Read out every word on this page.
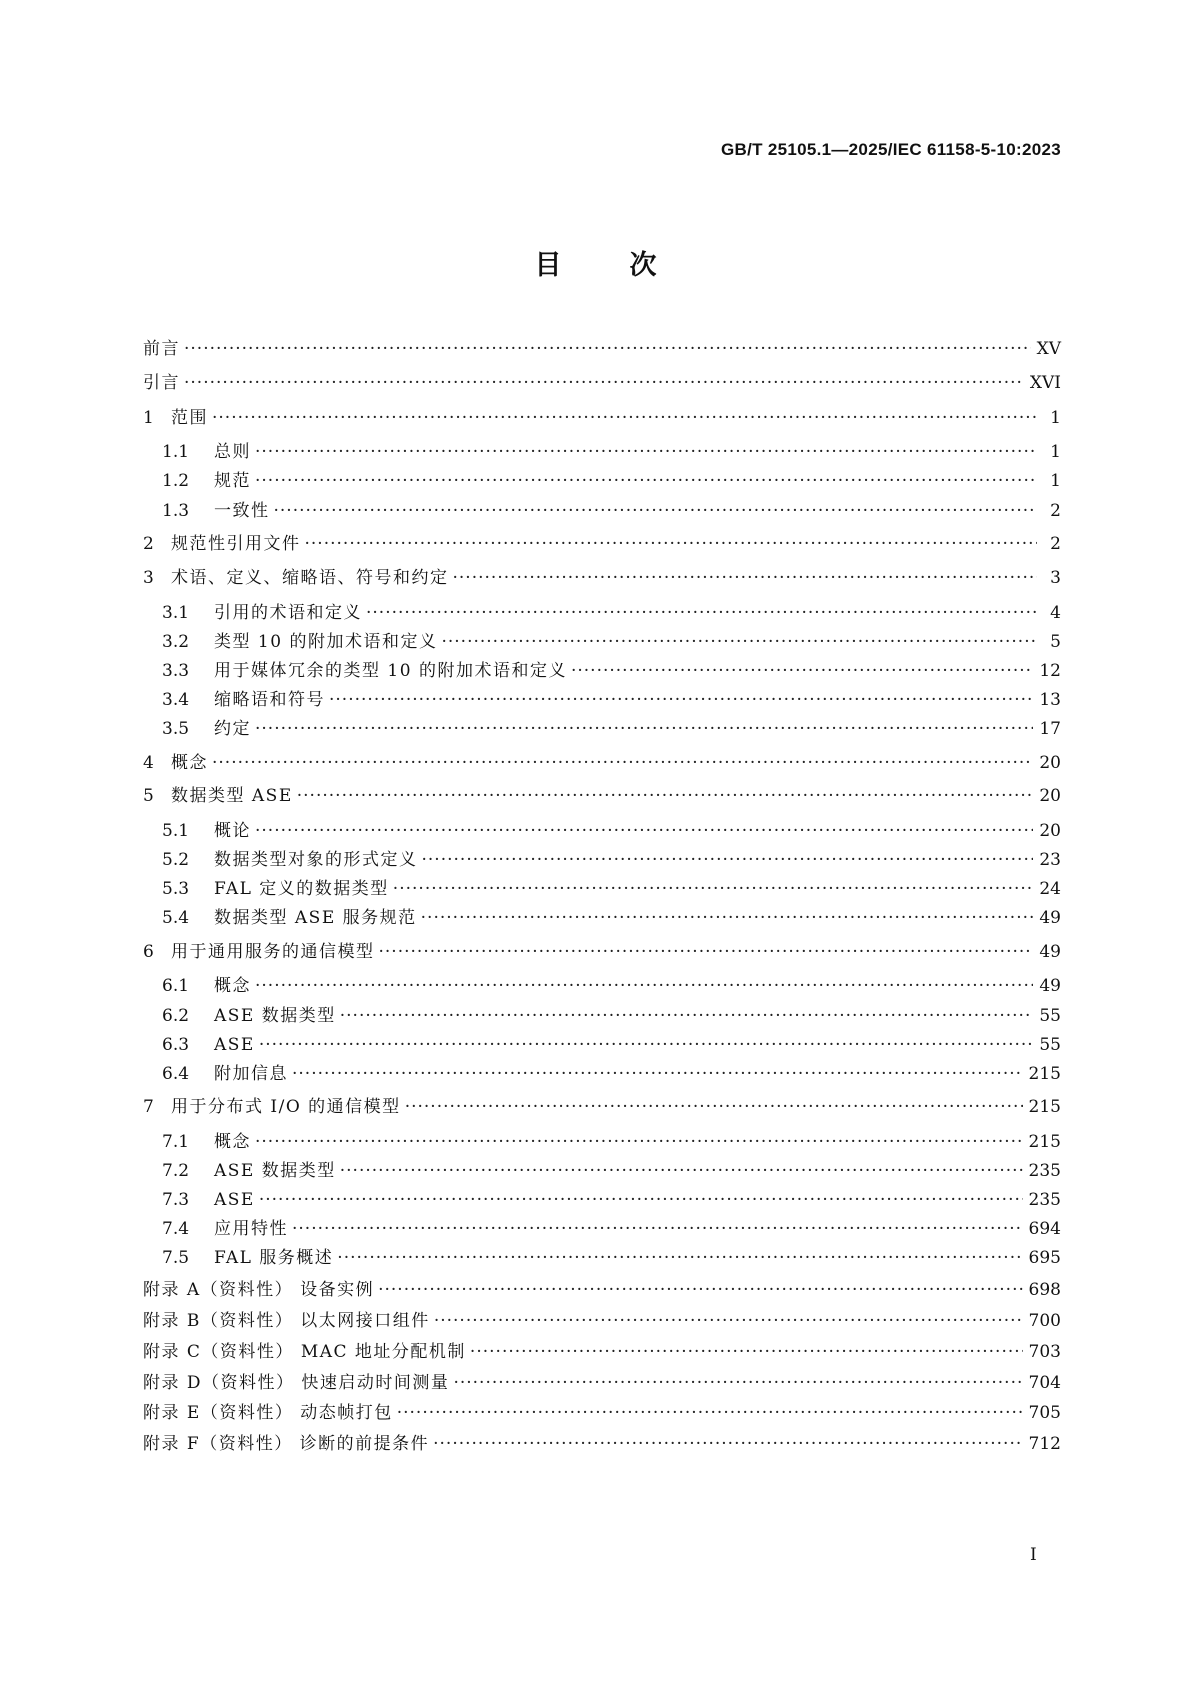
GB/T 25105.1—2025/IEC 61158-5-10:2023
目次
前言 ·····	XV
引言 ·····	XVI
1	范围 ·····	1
1.1	总则 ·····	1
1.2	规范 ·····	1
1.3	一致性 ·····	2
2	规范性引用文件 ·····	2
3	术语、定义、缩略语、符号和约定 ·····	3
3.1	引用的术语和定义 ·····	4
3.2	类型 10 的附加术语和定义 ·····	5
3.3	用于媒体冗余的类型 10 的附加术语和定义 ·····	12
3.4	缩略语和符号 ·····	13
3.5	约定 ·····	17
4	概念 ·····	20
5	数据类型 ASE ·····	20
5.1	概论 ·····	20
5.2	数据类型对象的形式定义 ·····	23
5.3	FAL 定义的数据类型 ·····	24
5.4	数据类型 ASE 服务规范 ·····	49
6	用于通用服务的通信模型 ·····	49
6.1	概念 ·····	49
6.2	ASE 数据类型 ·····	55
6.3	ASE ·····	55
6.4	附加信息 ·····	215
7	用于分布式 I/O 的通信模型 ·····	215
7.1	概念 ·····	215
7.2	ASE 数据类型 ·····	235
7.3	ASE ·····	235
7.4	应用特性 ·····	694
7.5	FAL 服务概述 ·····	695
附录 A（资料性） 设备实例 ·····	698
附录 B（资料性） 以太网接口组件 ·····	700
附录 C（资料性） MAC 地址分配机制 ·····	703
附录 D（资料性） 快速启动时间测量 ·····	704
附录 E（资料性） 动态帧打包 ·····	705
附录 F（资料性） 诊断的前提条件 ·····	712
I
